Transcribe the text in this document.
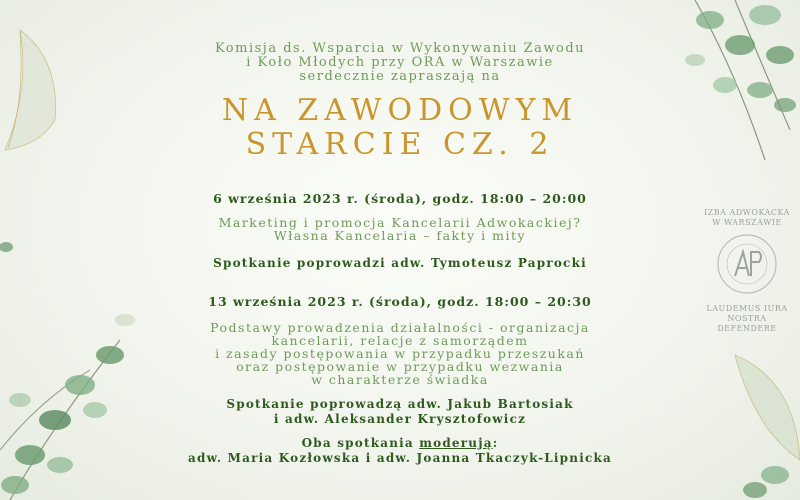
Komisja ds. Wsparcia w Wykonywaniu Zawodu
i Koło Młodych przy ORA w Warszawie
serdecznie zapraszają na
NA ZAWODOWYM
STARCIE CZ. 2
6 września 2023 r. (środa), godz. 18:00 – 20:00
Marketing i promocja Kancelarii Adwokackiej?
Własna Kancelaria – fakty i mity
Spotkanie poprowadzi adw. Tymoteusz Paprocki
13 września 2023 r. (środa), godz. 18:00 – 20:30
Podstawy prowadzenia działalności - organizacja
kancelarii, relacje z samorządem
i zasady postępowania w przypadku przeszukań
oraz postępowanie w przypadku wezwania
w charakterze świadka
Spotkanie poprowadzą adw. Jakub Bartosiak
i adw. Aleksander Krysztofowicz
Oba spotkania moderują:
adw. Maria Kozłowska i adw. Joanna Tkaczyk-Lipnicka
IZBA ADWOKACKA
W WARSZAWIE
LAUDEMUS IURA
NOSTRA DEFENDERE
